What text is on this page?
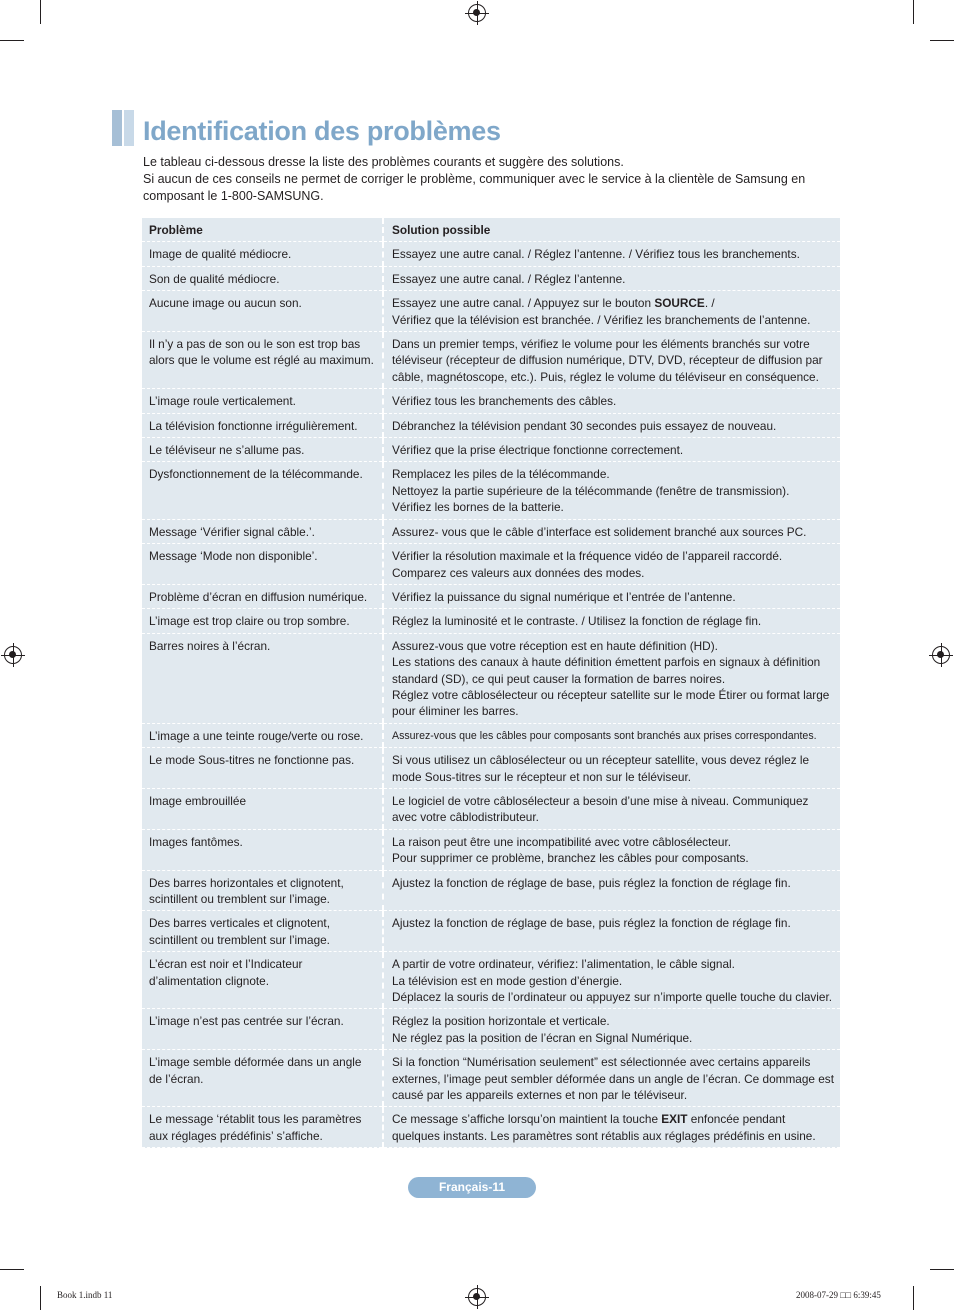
Identification des problèmes

Le tableau ci-dessous dresse la liste des problèmes courants et suggère des solutions.

Si aucun de ces conseils ne permet de corriger le problème, communiquer avec le service à la clientèle de Samsung en composant le 1-800-SAMSUNG.

Problème	Solution possible

Image de qualité médiocre.	Essayez une autre canal. / Réglez l’antenne. / Vérifiez tous les branchements.

Son de qualité médiocre.	Essayez une autre canal. / Réglez l’antenne.

Aucune image ou aucun son.	Essayez une autre canal. / Appuyez sur le bouton SOURCE. /
Vérifiez que la télévision est branchée. / Vérifiez les branchements de l’antenne.

Il n’y a pas de son ou le son est trop bas alors que le volume est réglé au maximum.	Dans un premier temps, vérifiez le volume pour les éléments branchés sur votre téléviseur (récepteur de diffusion numérique, DTV, DVD, récepteur de diffusion par câble, magnétoscope, etc.). Puis, réglez le volume du téléviseur en conséquence.

L’image roule verticalement.	Vérifiez tous les branchements des câbles.

La télévision fonctionne irrégulièrement.	Débranchez la télévision pendant 30 secondes puis essayez de nouveau.

Le téléviseur ne s’allume pas.	Vérifiez que la prise électrique fonctionne correctement.

Dysfonctionnement de la télécommande.	Remplacez les piles de la télécommande.
Nettoyez la partie supérieure de la télécommande (fenêtre de transmission).
Vérifiez les bornes de la batterie.

Message ‘Vérifier signal câble.’.	Assurez- vous que le câble d’interface est solidement branché aux sources PC.

Message ‘Mode non disponible’.	Vérifier la résolution maximale et la fréquence vidéo de l’appareil raccordé.
Comparez ces valeurs aux données des modes.

Problème d’écran en diffusion numérique.	Vérifiez la puissance du signal numérique et l’entrée de l’antenne.

L’image est trop claire ou trop sombre.	Réglez la luminosité et le contraste. / Utilisez la fonction de réglage fin.

Barres noires à l’écran.	Assurez-vous que votre réception est en haute définition (HD).
Les stations des canaux à haute définition émettent parfois en signaux à définition standard (SD), ce qui peut causer la formation de barres noires.
Réglez votre câblosélecteur ou récepteur satellite sur le mode Étirer ou format large pour éliminer les barres.

L’image a une teinte rouge/verte ou rose.	Assurez-vous que les câbles pour composants sont branchés aux prises correspondantes.

Le mode Sous-titres ne fonctionne pas.	Si vous utilisez un câblosélecteur ou un récepteur satellite, vous devez réglez le mode Sous-titres sur le récepteur et non sur le téléviseur.

Image embrouillée	Le logiciel de votre câblosélecteur a besoin d’une mise à niveau. Communiquez avec votre câblodistributeur.

Images fantômes.	La raison peut être une incompatibilité avec votre câblosélecteur.
Pour supprimer ce problème, branchez les câbles pour composants.

Des barres horizontales et clignotent, scintillent ou tremblent sur l’image.	Ajustez la fonction de réglage de base, puis réglez la fonction de réglage fin.

Des barres verticales et clignotent, scintillent ou tremblent sur l’image.	Ajustez la fonction de réglage de base, puis réglez la fonction de réglage fin.

L’écran est noir et l’Indicateur d’alimentation clignote.	A partir de votre ordinateur, vérifiez: l’alimentation, le câble signal.
La télévision est en mode gestion d’énergie.
Déplacez la souris de l’ordinateur ou appuyez sur n’importe quelle touche du clavier.

L’image n’est pas centrée sur l’écran.	Réglez la position horizontale et verticale.
Ne réglez pas la position de l’écran en Signal Numérique.

L’image semble déformée dans un angle de l’écran.	Si la fonction “Numérisation seulement” est sélectionnée avec certains appareils externes, l’image peut sembler déformée dans un angle de l’écran. Ce dommage est causé par les appareils externes et non par le téléviseur.

Le message ‘rétablit tous les paramètres aux réglages prédéfinis’ s’affiche.	Ce message s’affiche lorsqu’on maintient la touche EXIT enfoncée pendant quelques instants. Les paramètres sont rétablis aux réglages prédéfinis en usine.
Français-11
Book 1.indb 11	2008-07-29 □□ 6:39:45
